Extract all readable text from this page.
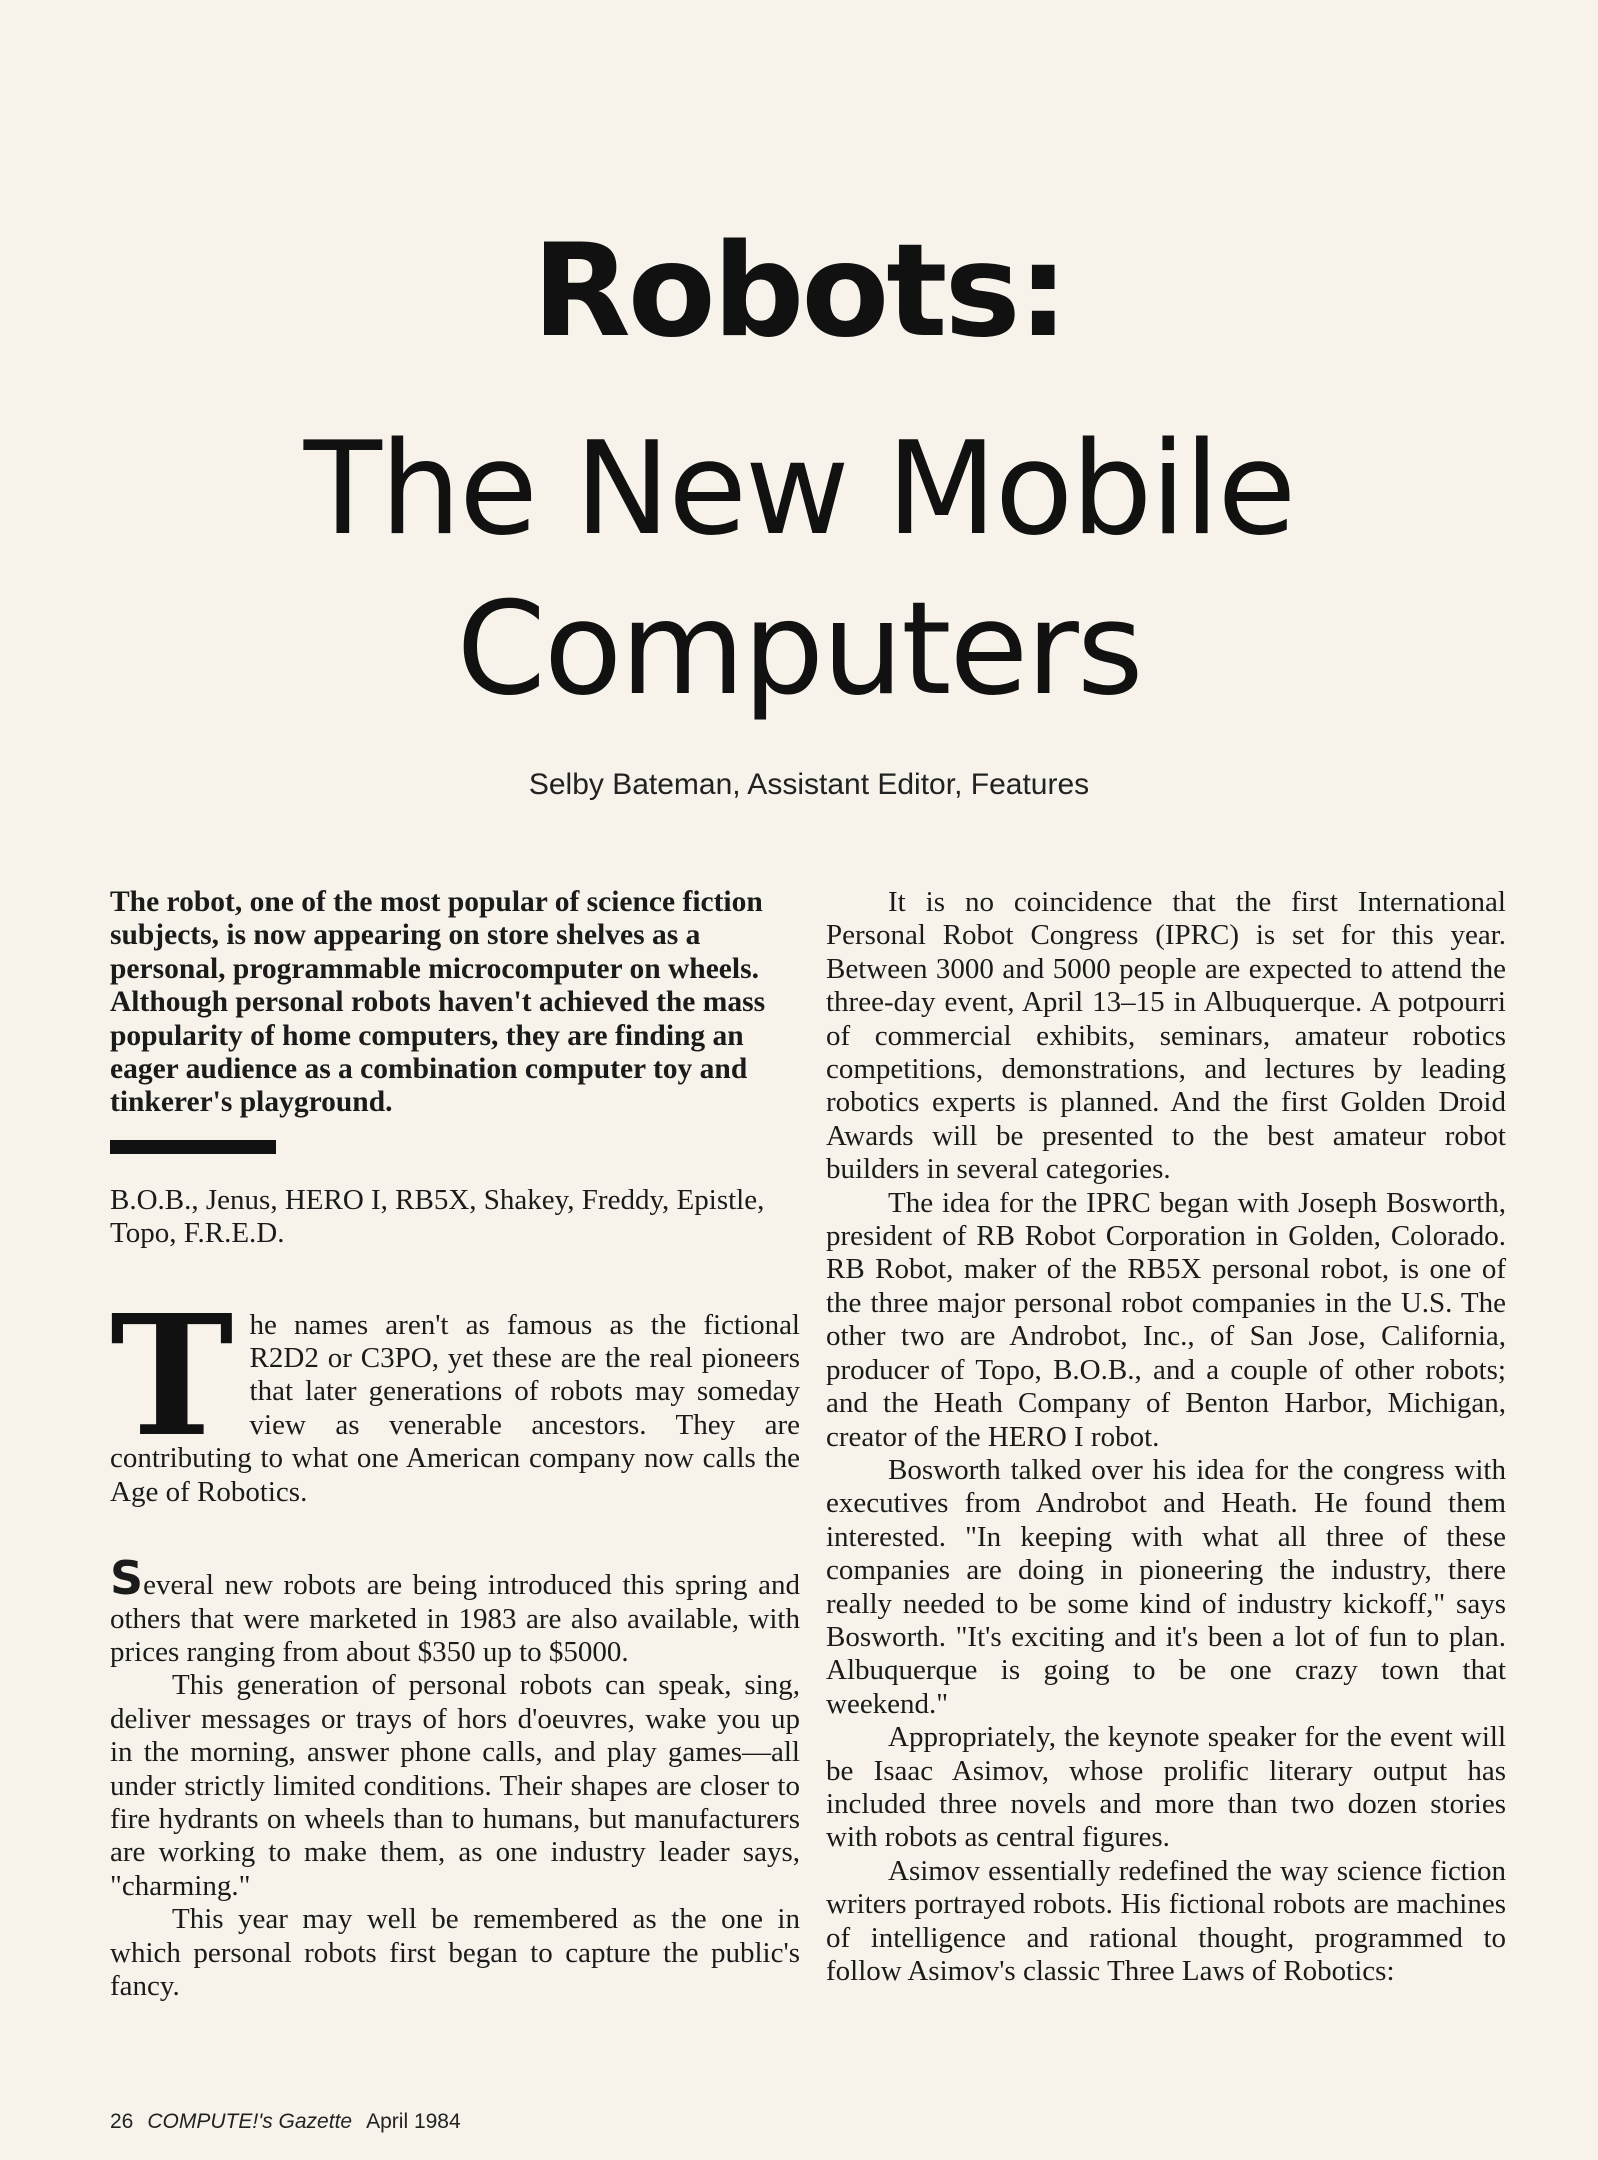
Robots:
The New Mobile
Computers
Selby Bateman, Assistant Editor, Features

The robot, one of the most popular of science fiction subjects, is now appearing on store shelves as a personal, programmable microcomputer on wheels. Although personal robots haven't achieved the mass popularity of home computers, they are finding an eager audience as a combination computer toy and tinkerer's playground.

B.O.B., Jenus, HERO I, RB5X, Shakey, Freddy, Epistle, Topo, F.R.E.D.

The names aren't as famous as the fictional R2D2 or C3PO, yet these are the real pioneers that later generations of robots may someday view as venerable ancestors. They are contributing to what one American company now calls the Age of Robotics.

Several new robots are being introduced this spring and others that were marketed in 1983 are also available, with prices ranging from about $350 up to $5000.

This generation of personal robots can speak, sing, deliver messages or trays of hors d'oeuvres, wake you up in the morning, answer phone calls, and play games—all under strictly limited conditions. Their shapes are closer to fire hydrants on wheels than to humans, but manufacturers are working to make them, as one industry leader says, "charming."

This year may well be remembered as the one in which personal robots first began to capture the public's fancy.

It is no coincidence that the first International Personal Robot Congress (IPRC) is set for this year. Between 3000 and 5000 people are expected to attend the three-day event, April 13–15 in Albuquerque. A potpourri of commercial exhibits, seminars, amateur robotics competitions, demonstrations, and lectures by leading robotics experts is planned. And the first Golden Droid Awards will be presented to the best amateur robot builders in several categories.

The idea for the IPRC began with Joseph Bosworth, president of RB Robot Corporation in Golden, Colorado. RB Robot, maker of the RB5X personal robot, is one of the three major personal robot companies in the U.S. The other two are Androbot, Inc., of San Jose, California, producer of Topo, B.O.B., and a couple of other robots; and the Heath Company of Benton Harbor, Michigan, creator of the HERO I robot.

Bosworth talked over his idea for the congress with executives from Androbot and Heath. He found them interested. "In keeping with what all three of these companies are doing in pioneering the industry, there really needed to be some kind of industry kickoff," says Bosworth. "It's exciting and it's been a lot of fun to plan. Albuquerque is going to be one crazy town that weekend."

Appropriately, the keynote speaker for the event will be Isaac Asimov, whose prolific literary output has included three novels and more than two dozen stories with robots as central figures.

Asimov essentially redefined the way science fiction writers portrayed robots. His fictional robots are machines of intelligence and rational thought, programmed to follow Asimov's classic Three Laws of Robotics:

26 COMPUTE!'s Gazette April 1984
